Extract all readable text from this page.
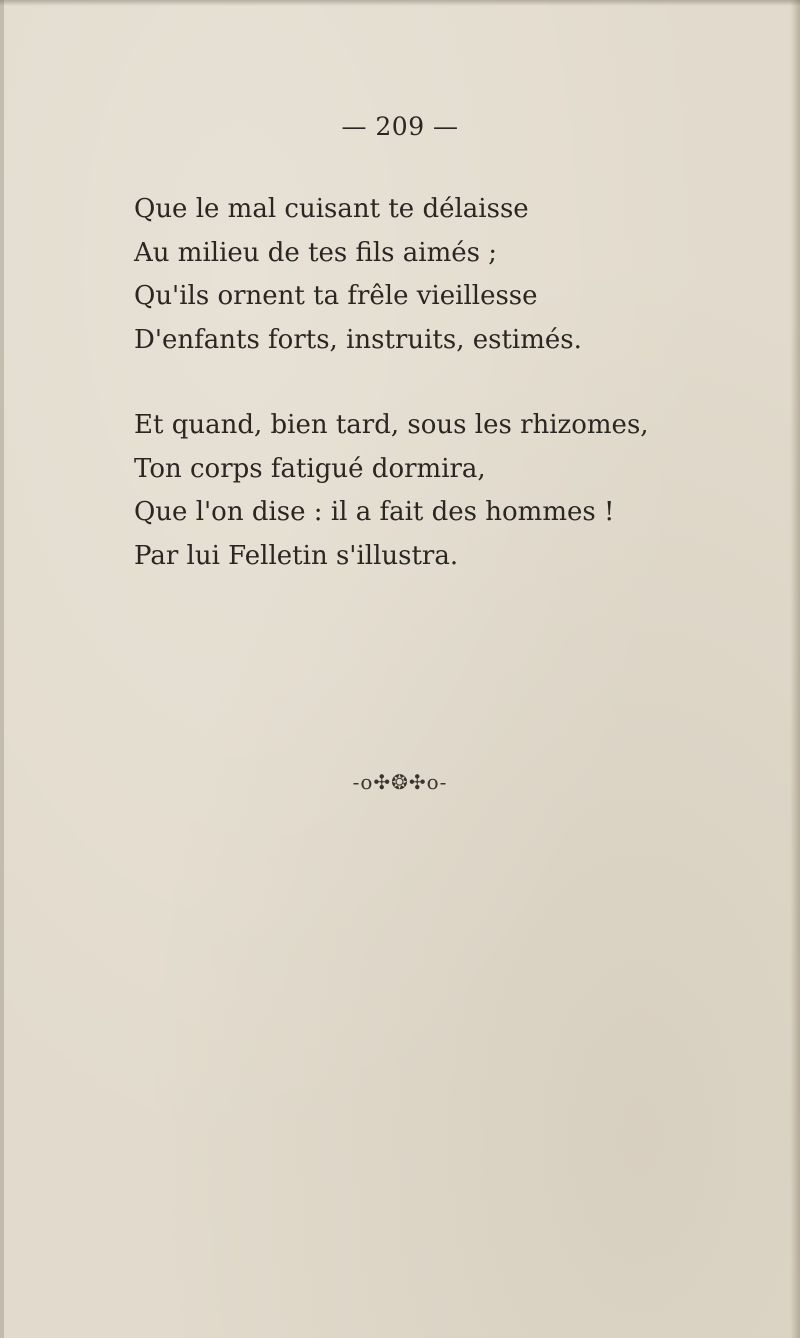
— 209 —
Que le mal cuisant te délaisse
Au milieu de tes fils aimés ;
Qu'ils ornent ta frêle vieillesse
D'enfants forts, instruits, estimés.
Et quand, bien tard, sous les rhizomes,
Ton corps fatigué dormira,
Que l'on dise : il a fait des hommes !
Par lui Felletin s'illustra.
-o✣❂✣o-
